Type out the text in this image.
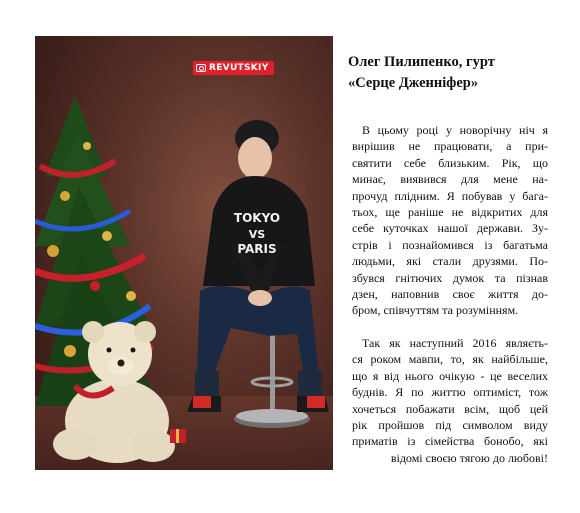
TOKYO
VS
PARIS
REVUTSKIY	Олег Пилипенко, гурт
«Серце Дженніфер»
В цьому році у новорічну ніч я
вирішив не працювати, а при-
святити себе близьким. Рік, що
минає, виявився для мене на-
прочуд плідним. Я побував у бага-
тьох, ще раніше не відкритих для
себе куточках нашої держави. Зу-
стрів і познайомився із багатьма
людьми, які стали друзями. По-
збувся гнітючих думок та пізнав
дзен, наповнив своє життя до-
бром, співчуттям та розумінням.
Так як наступний 2016 являєть-
ся роком мавпи, то, як найбільше,
що я від нього очікую - це веселих
буднів. Я по життю оптиміст, тож
хочеться побажати всім, щоб цей
рік пройшов під символом виду
приматів із сімейства бонобо, які
відомі своєю тягою до любові!
